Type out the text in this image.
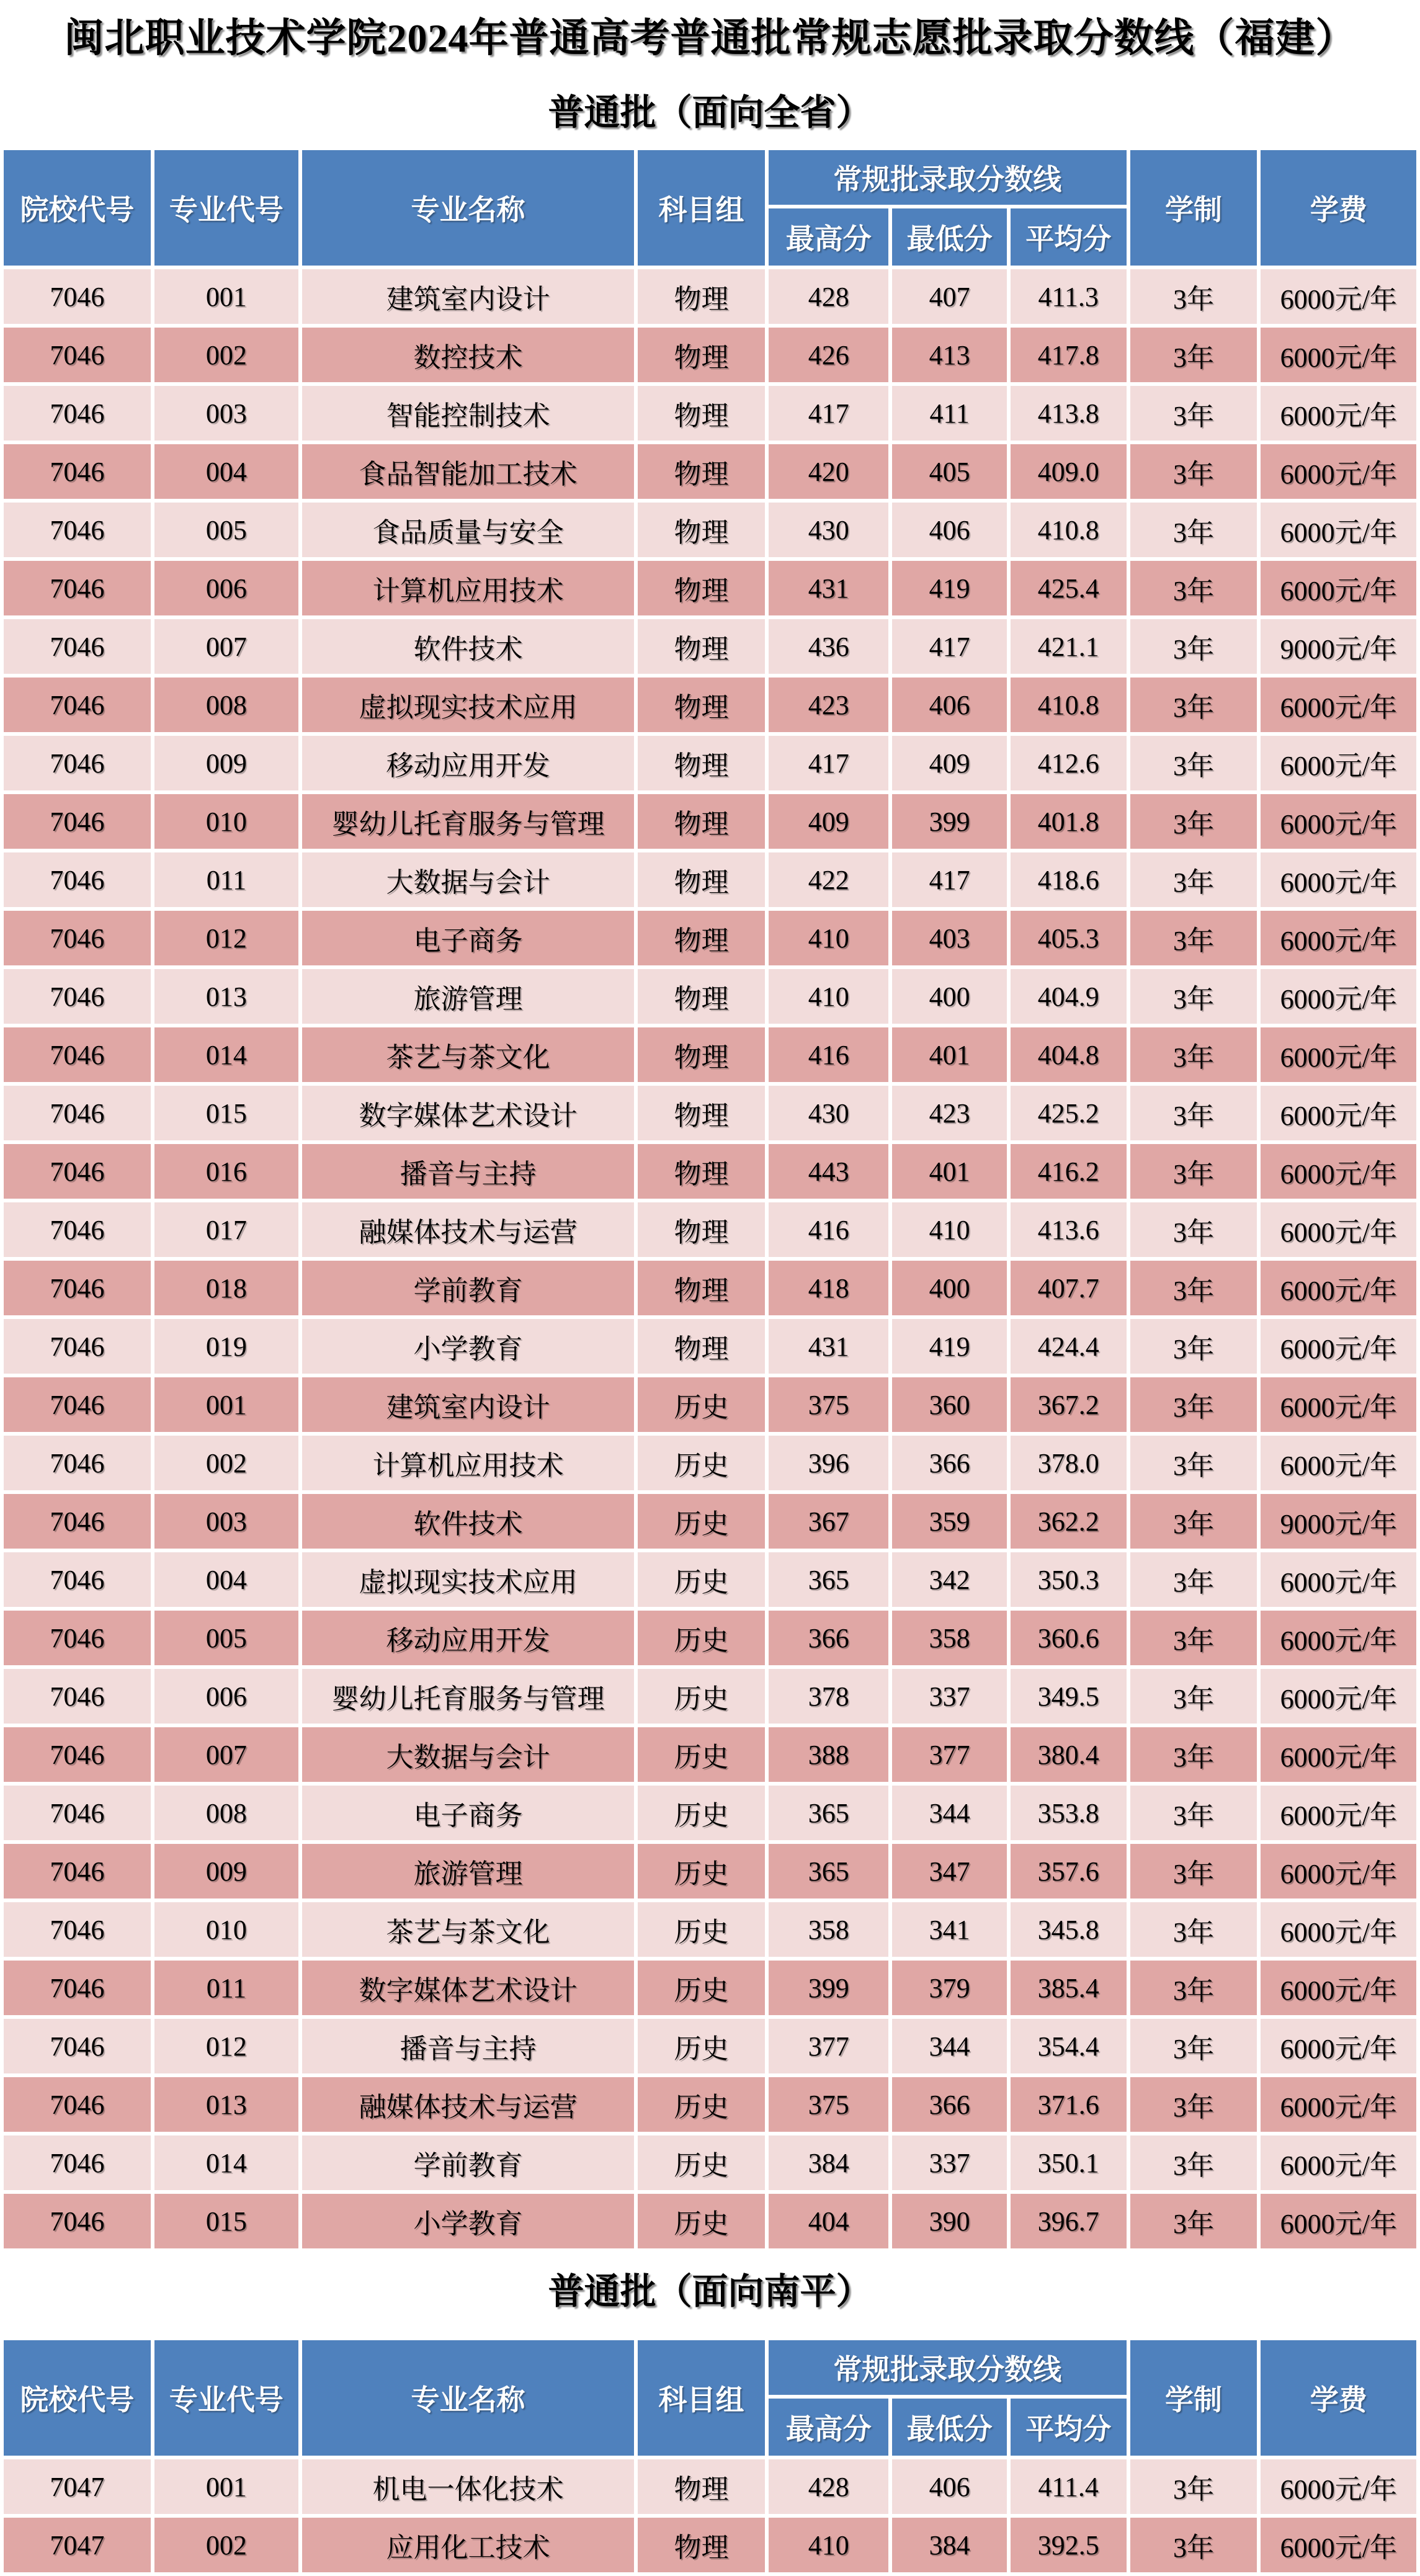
闽北职业技术学院2024年普通高考普通批常规志愿批录取分数线（福建）
普通批（面向全省）
院校代号	专业代号	专业名称	科目组	常规批录取分数线			学制	学费
				最高分	最低分	平均分		
7046	001	建筑室内设计	物理	428	407	411.3	3年	6000元/年
7046	002	数控技术	物理	426	413	417.8	3年	6000元/年
7046	003	智能控制技术	物理	417	411	413.8	3年	6000元/年
7046	004	食品智能加工技术	物理	420	405	409.0	3年	6000元/年
7046	005	食品质量与安全	物理	430	406	410.8	3年	6000元/年
7046	006	计算机应用技术	物理	431	419	425.4	3年	6000元/年
7046	007	软件技术	物理	436	417	421.1	3年	9000元/年
7046	008	虚拟现实技术应用	物理	423	406	410.8	3年	6000元/年
7046	009	移动应用开发	物理	417	409	412.6	3年	6000元/年
7046	010	婴幼儿托育服务与管理	物理	409	399	401.8	3年	6000元/年
7046	011	大数据与会计	物理	422	417	418.6	3年	6000元/年
7046	012	电子商务	物理	410	403	405.3	3年	6000元/年
7046	013	旅游管理	物理	410	400	404.9	3年	6000元/年
7046	014	茶艺与茶文化	物理	416	401	404.8	3年	6000元/年
7046	015	数字媒体艺术设计	物理	430	423	425.2	3年	6000元/年
7046	016	播音与主持	物理	443	401	416.2	3年	6000元/年
7046	017	融媒体技术与运营	物理	416	410	413.6	3年	6000元/年
7046	018	学前教育	物理	418	400	407.7	3年	6000元/年
7046	019	小学教育	物理	431	419	424.4	3年	6000元/年
7046	001	建筑室内设计	历史	375	360	367.2	3年	6000元/年
7046	002	计算机应用技术	历史	396	366	378.0	3年	6000元/年
7046	003	软件技术	历史	367	359	362.2	3年	9000元/年
7046	004	虚拟现实技术应用	历史	365	342	350.3	3年	6000元/年
7046	005	移动应用开发	历史	366	358	360.6	3年	6000元/年
7046	006	婴幼儿托育服务与管理	历史	378	337	349.5	3年	6000元/年
7046	007	大数据与会计	历史	388	377	380.4	3年	6000元/年
7046	008	电子商务	历史	365	344	353.8	3年	6000元/年
7046	009	旅游管理	历史	365	347	357.6	3年	6000元/年
7046	010	茶艺与茶文化	历史	358	341	345.8	3年	6000元/年
7046	011	数字媒体艺术设计	历史	399	379	385.4	3年	6000元/年
7046	012	播音与主持	历史	377	344	354.4	3年	6000元/年
7046	013	融媒体技术与运营	历史	375	366	371.6	3年	6000元/年
7046	014	学前教育	历史	384	337	350.1	3年	6000元/年
7046	015	小学教育	历史	404	390	396.7	3年	6000元/年
普通批（面向南平）
院校代号	专业代号	专业名称	科目组	常规批录取分数线			学制	学费
				最高分	最低分	平均分		
7047	001	机电一体化技术	物理	428	406	411.4	3年	6000元/年
7047	002	应用化工技术	物理	410	384	392.5	3年	6000元/年
